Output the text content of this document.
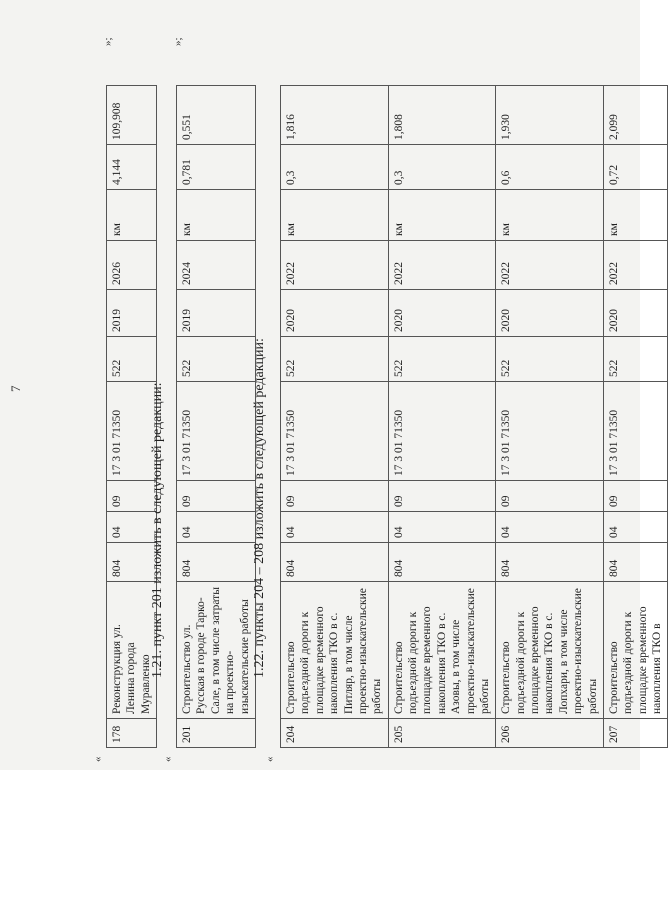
7
«
178	Реконструкция ул. Ленина города Муравленко	804	04	09	17 3 01 71350	522	2019	2026	км	4,144	109,908
»;
1.21. пункт 201 изложить в следующей редакции:
«
201	Строительство ул. Русская в городе Тарко-Сале, в том числе затраты на проектно-изыскательские работы	804	04	09	17 3 01 71350	522	2019	2024	км	0,781	0,551
»;
1.22. пункты 204 – 208 изложить в следующей редакции:
«
204	Строительство подъездной дороги к площадке временного накопления ТКО в с. Питляр, в том числе проектно-изыскательские работы	804	04	09	17 3 01 71350	522	2020	2022	км	0,3	1,816
205	Строительство подъездной дороги к площадке временного накопления ТКО в с. Азовы, в том числе проектно-изыскательские работы	804	04	09	17 3 01 71350	522	2020	2022	км	0,3	1,808
206	Строительство подъездной дороги к площадке временного накопления ТКО в с. Лопхари, в том числе проектно-изыскательские работы	804	04	09	17 3 01 71350	522	2020	2022	км	0,6	1,930
207	Строительство подъездной дороги к площадке временного накопления ТКО в	804	04	09	17 3 01 71350	522	2020	2022	км	0,72	2,099
